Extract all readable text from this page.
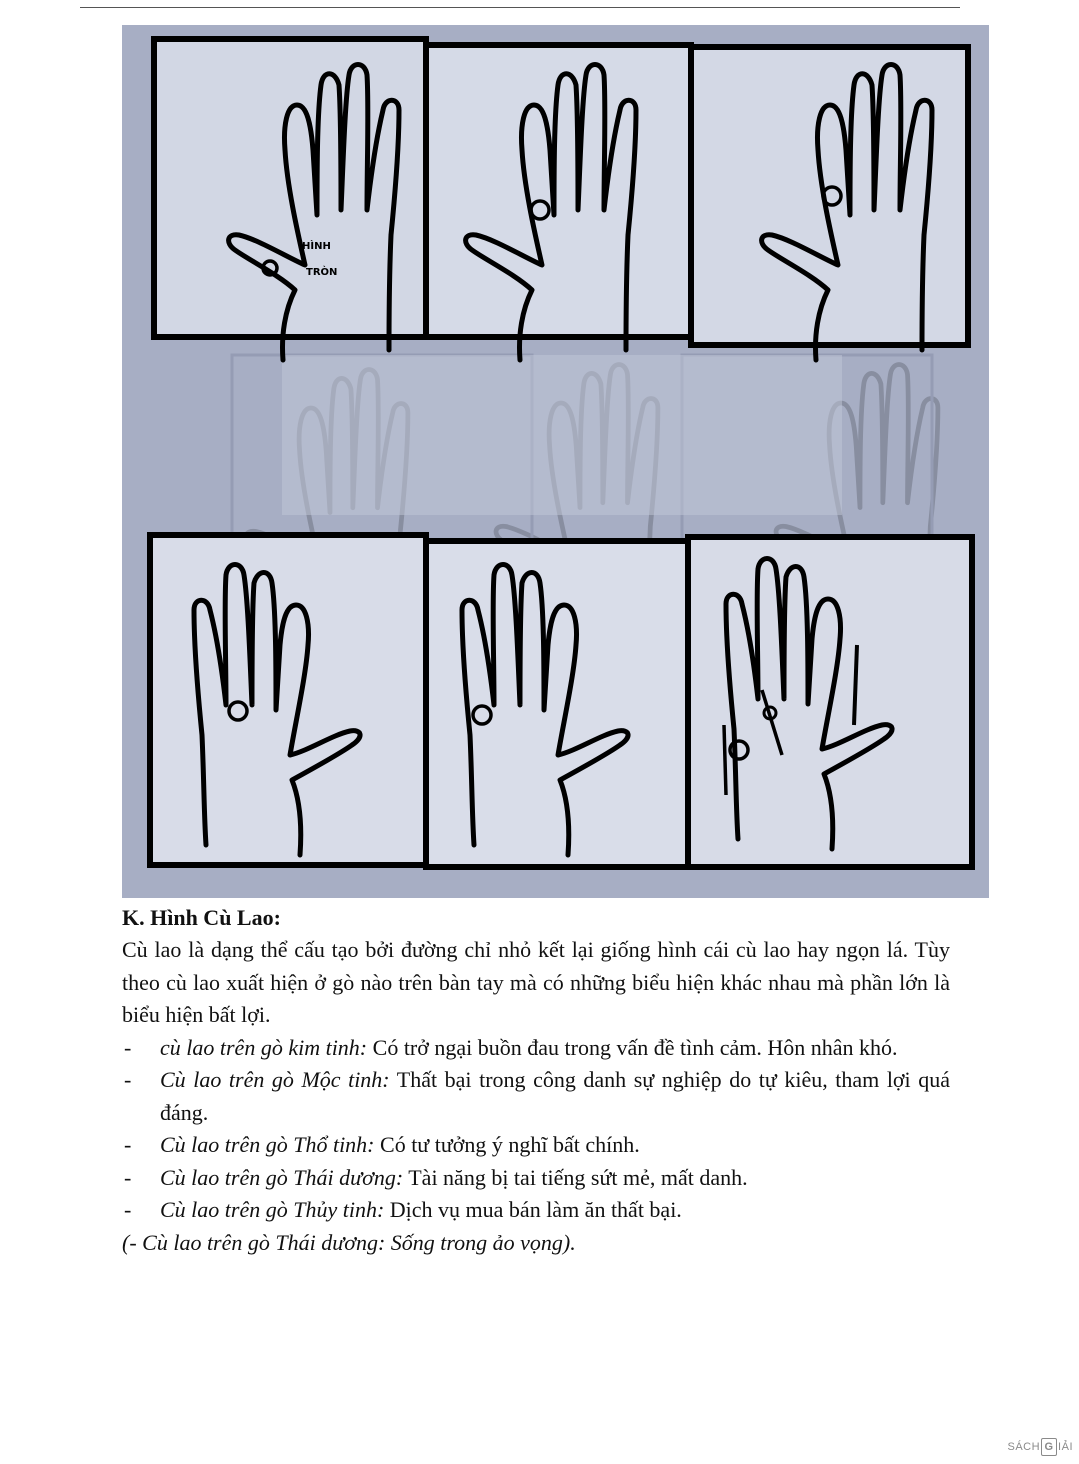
HÌNH
TRÒN

K. Hình Cù Lao:

Cù lao là dạng thể cấu tạo bởi đường chỉ nhỏ kết lại giống hình cái cù lao hay ngọn lá. Tùy theo cù lao xuất hiện ở gò nào trên bàn tay mà có những biểu hiện khác nhau mà phần lớn là biểu hiện bất lợi.

- cù lao trên gò kim tinh: Có trở ngại buồn đau trong vấn đề tình cảm. Hôn nhân khó.
- Cù lao trên gò Mộc tinh: Thất bại trong công danh sự nghiệp do tự kiêu, tham lợi quá đáng.
- Cù lao trên gò Thổ tinh: Có tư tưởng ý nghĩ bất chính.
- Cù lao trên gò Thái dương: Tài năng bị tai tiếng sứt mẻ, mất danh.
- Cù lao trên gò Thủy tinh: Dịch vụ mua bán làm ăn thất bại.

(- Cù lao trên gò Thái dương: Sống trong ảo vọng).

SÁCH G IẢI
